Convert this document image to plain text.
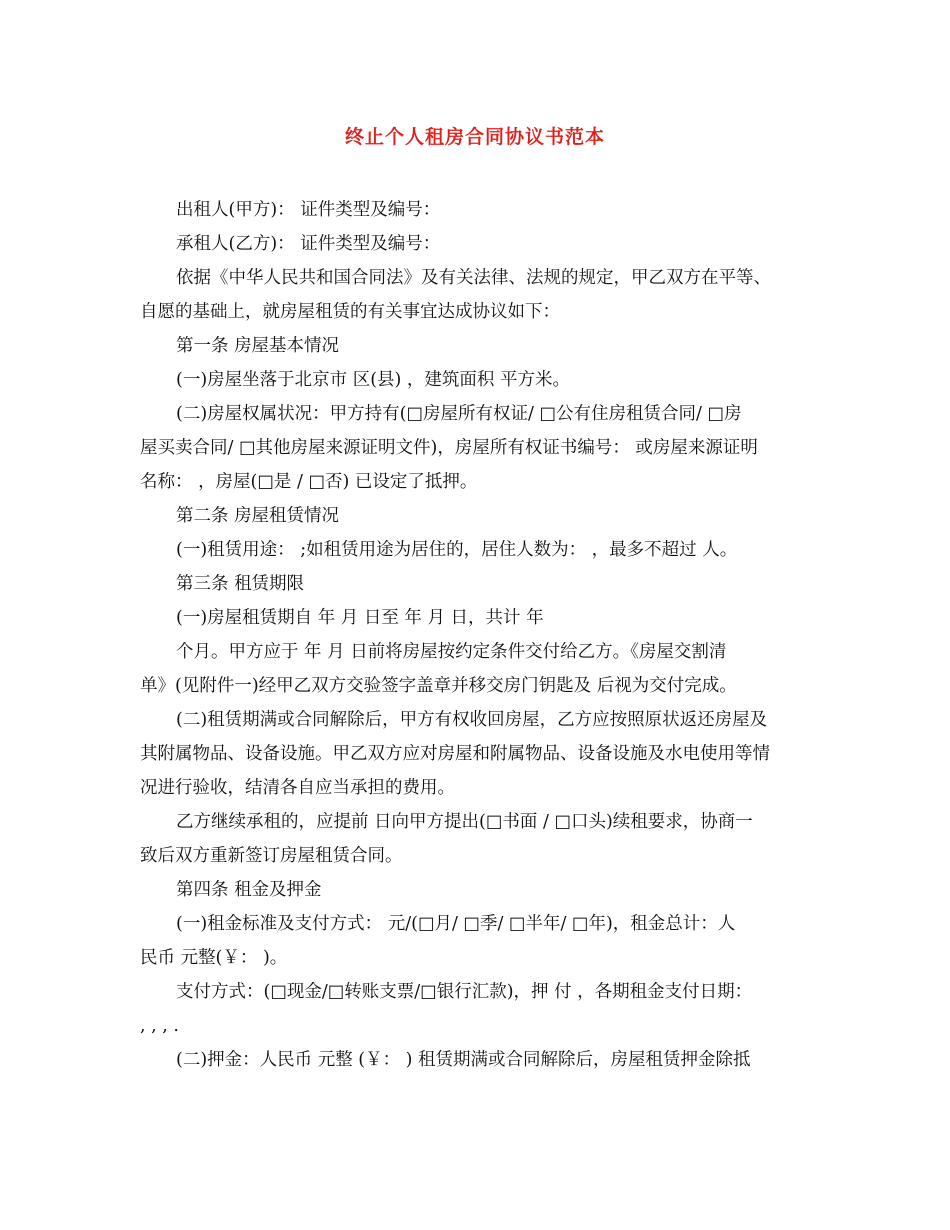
终止个人租房合同协议书范本

出租人(甲方)： 证件类型及编号：

承租人(乙方)： 证件类型及编号：

依据《中华人民共和国合同法》及有关法律、法规的规定，甲乙双方在平等、
自愿的基础上，就房屋租赁的有关事宜达成协议如下：

第一条 房屋基本情况

(一)房屋坐落于北京市 区(县) ，建筑面积 平方米。

(二)房屋权属状况：甲方持有(□房屋所有权证/ □公有住房租赁合同/ □房
屋买卖合同/ □其他房屋来源证明文件)，房屋所有权证书编号： 或房屋来源证明
名称： ，房屋(□是 / □否) 已设定了抵押。

第二条 房屋租赁情况

(一)租赁用途： ;如租赁用途为居住的，居住人数为： ，最多不超过 人。

第三条 租赁期限

(一)房屋租赁期自 年 月 日至 年 月 日，共计 年
个月。甲方应于 年 月 日前将房屋按约定条件交付给乙方。《房屋交割清
单》(见附件一)经甲乙双方交验签字盖章并移交房门钥匙及 后视为交付完成。

(二)租赁期满或合同解除后，甲方有权收回房屋，乙方应按照原状返还房屋及
其附属物品、设备设施。甲乙双方应对房屋和附属物品、设备设施及水电使用等情
况进行验收，结清各自应当承担的费用。

乙方继续承租的，应提前 日向甲方提出(□书面 / □口头)续租要求，协商一
致后双方重新签订房屋租赁合同。

第四条 租金及押金

(一)租金标准及支付方式： 元/(□月/ □季/ □半年/ □年)，租金总计：人
民币 元整(￥： )。

支付方式：(□现金/□转账支票/□银行汇款)，押 付 ，各期租金支付日期：
, , , .

(二)押金：人民币 元整 (￥： ) 租赁期满或合同解除后，房屋租赁押金除抵
